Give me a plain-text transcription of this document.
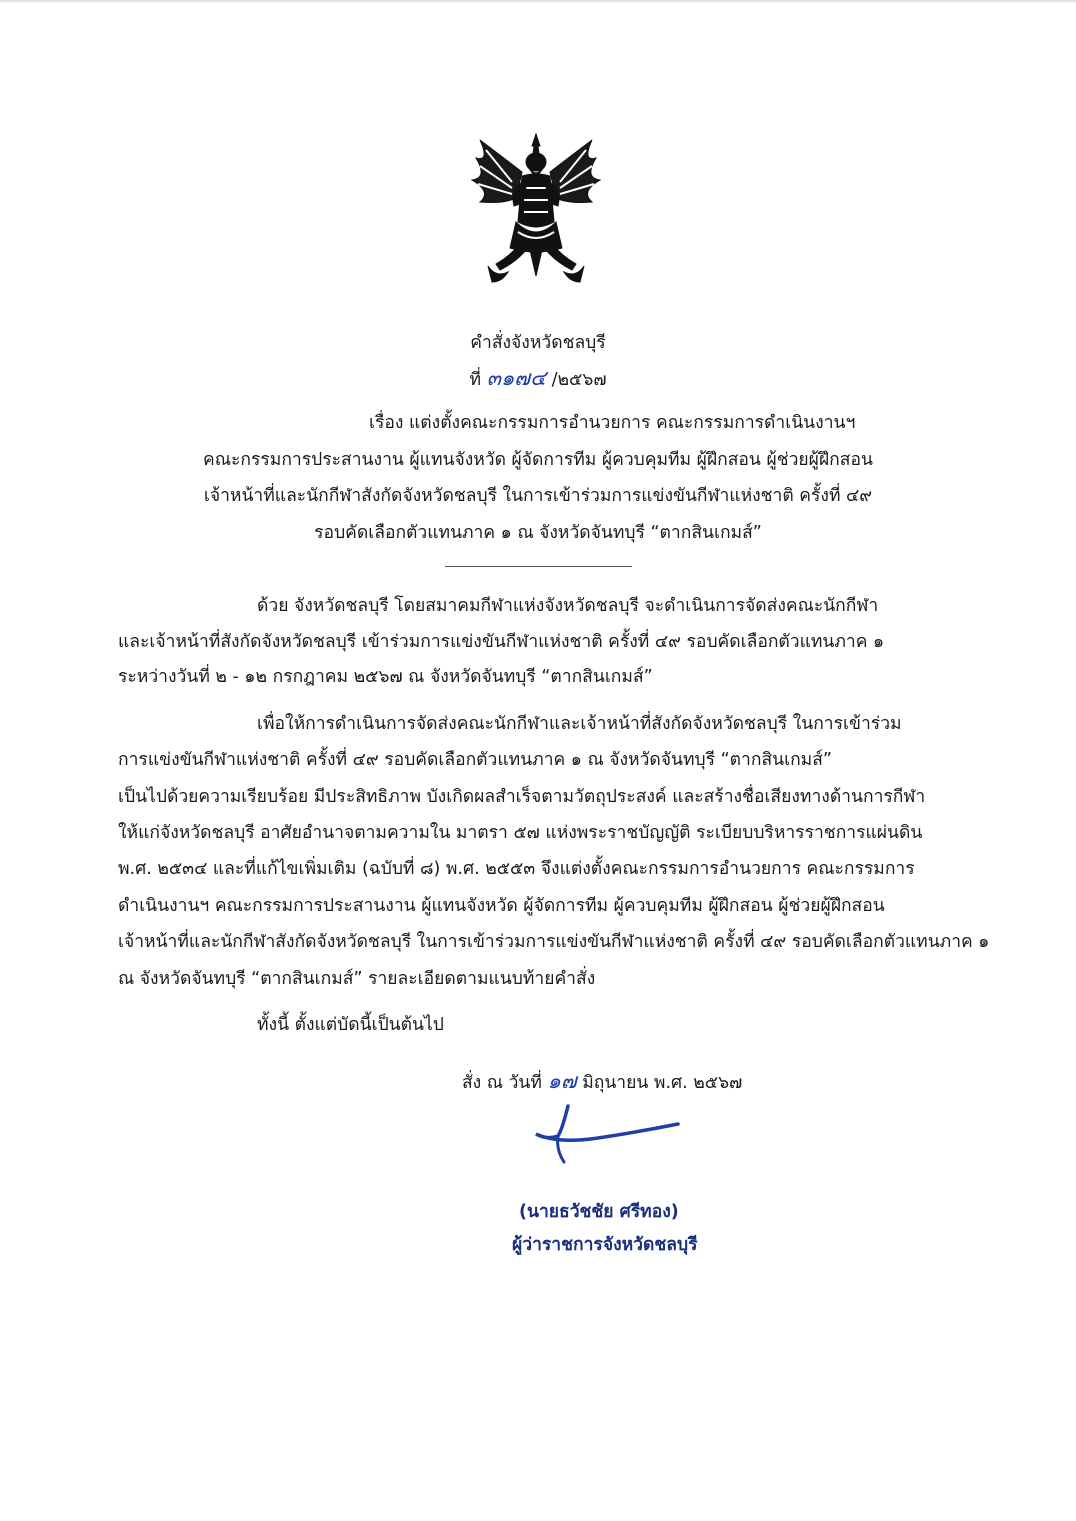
คำสั่งจังหวัดชลบุรี

ที่ ๓๑๗๔ /๒๕๖๗

เรื่อง แต่งตั้งคณะกรรมการอำนวยการ คณะกรรมการดำเนินงานฯ

คณะกรรมการประสานงาน ผู้แทนจังหวัด ผู้จัดการทีม ผู้ควบคุมทีม ผู้ฝึกสอน ผู้ช่วยผู้ฝึกสอน

เจ้าหน้าที่และนักกีฬาสังกัดจังหวัดชลบุรี ในการเข้าร่วมการแข่งขันกีฬาแห่งชาติ ครั้งที่ ๔๙

รอบคัดเลือกตัวแทนภาค ๑ ณ จังหวัดจันทบุรี “ตากสินเกมส์”

ด้วย จังหวัดชลบุรี โดยสมาคมกีฬาแห่งจังหวัดชลบุรี จะดำเนินการจัดส่งคณะนักกีฬา

และเจ้าหน้าที่สังกัดจังหวัดชลบุรี เข้าร่วมการแข่งขันกีฬาแห่งชาติ ครั้งที่ ๔๙ รอบคัดเลือกตัวแทนภาค ๑

ระหว่างวันที่ ๒ - ๑๒ กรกฎาคม ๒๕๖๗ ณ จังหวัดจันทบุรี “ตากสินเกมส์”

เพื่อให้การดำเนินการจัดส่งคณะนักกีฬาและเจ้าหน้าที่สังกัดจังหวัดชลบุรี ในการเข้าร่วม

การแข่งขันกีฬาแห่งชาติ ครั้งที่ ๔๙ รอบคัดเลือกตัวแทนภาค ๑ ณ จังหวัดจันทบุรี “ตากสินเกมส์”

เป็นไปด้วยความเรียบร้อย มีประสิทธิภาพ บังเกิดผลสำเร็จตามวัตถุประสงค์ และสร้างชื่อเสียงทางด้านการกีฬา

ให้แก่จังหวัดชลบุรี อาศัยอำนาจตามความใน มาตรา ๕๗ แห่งพระราชบัญญัติ ระเบียบบริหารราชการแผ่นดิน

พ.ศ. ๒๕๓๔ และที่แก้ไขเพิ่มเติม (ฉบับที่ ๘) พ.ศ. ๒๕๕๓ จึงแต่งตั้งคณะกรรมการอำนวยการ คณะกรรมการ

ดำเนินงานฯ คณะกรรมการประสานงาน ผู้แทนจังหวัด ผู้จัดการทีม ผู้ควบคุมทีม ผู้ฝึกสอน ผู้ช่วยผู้ฝึกสอน

เจ้าหน้าที่และนักกีฬาสังกัดจังหวัดชลบุรี ในการเข้าร่วมการแข่งขันกีฬาแห่งชาติ ครั้งที่ ๔๙ รอบคัดเลือกตัวแทนภาค ๑

ณ จังหวัดจันทบุรี “ตากสินเกมส์” รายละเอียดตามแนบท้ายคำสั่ง

ทั้งนี้ ตั้งแต่บัดนี้เป็นต้นไป

สั่ง ณ วันที่ ๑๗ มิถุนายน พ.ศ. ๒๕๖๗

(นายธวัชชัย ศรีทอง)
ผู้ว่าราชการจังหวัดชลบุรี
